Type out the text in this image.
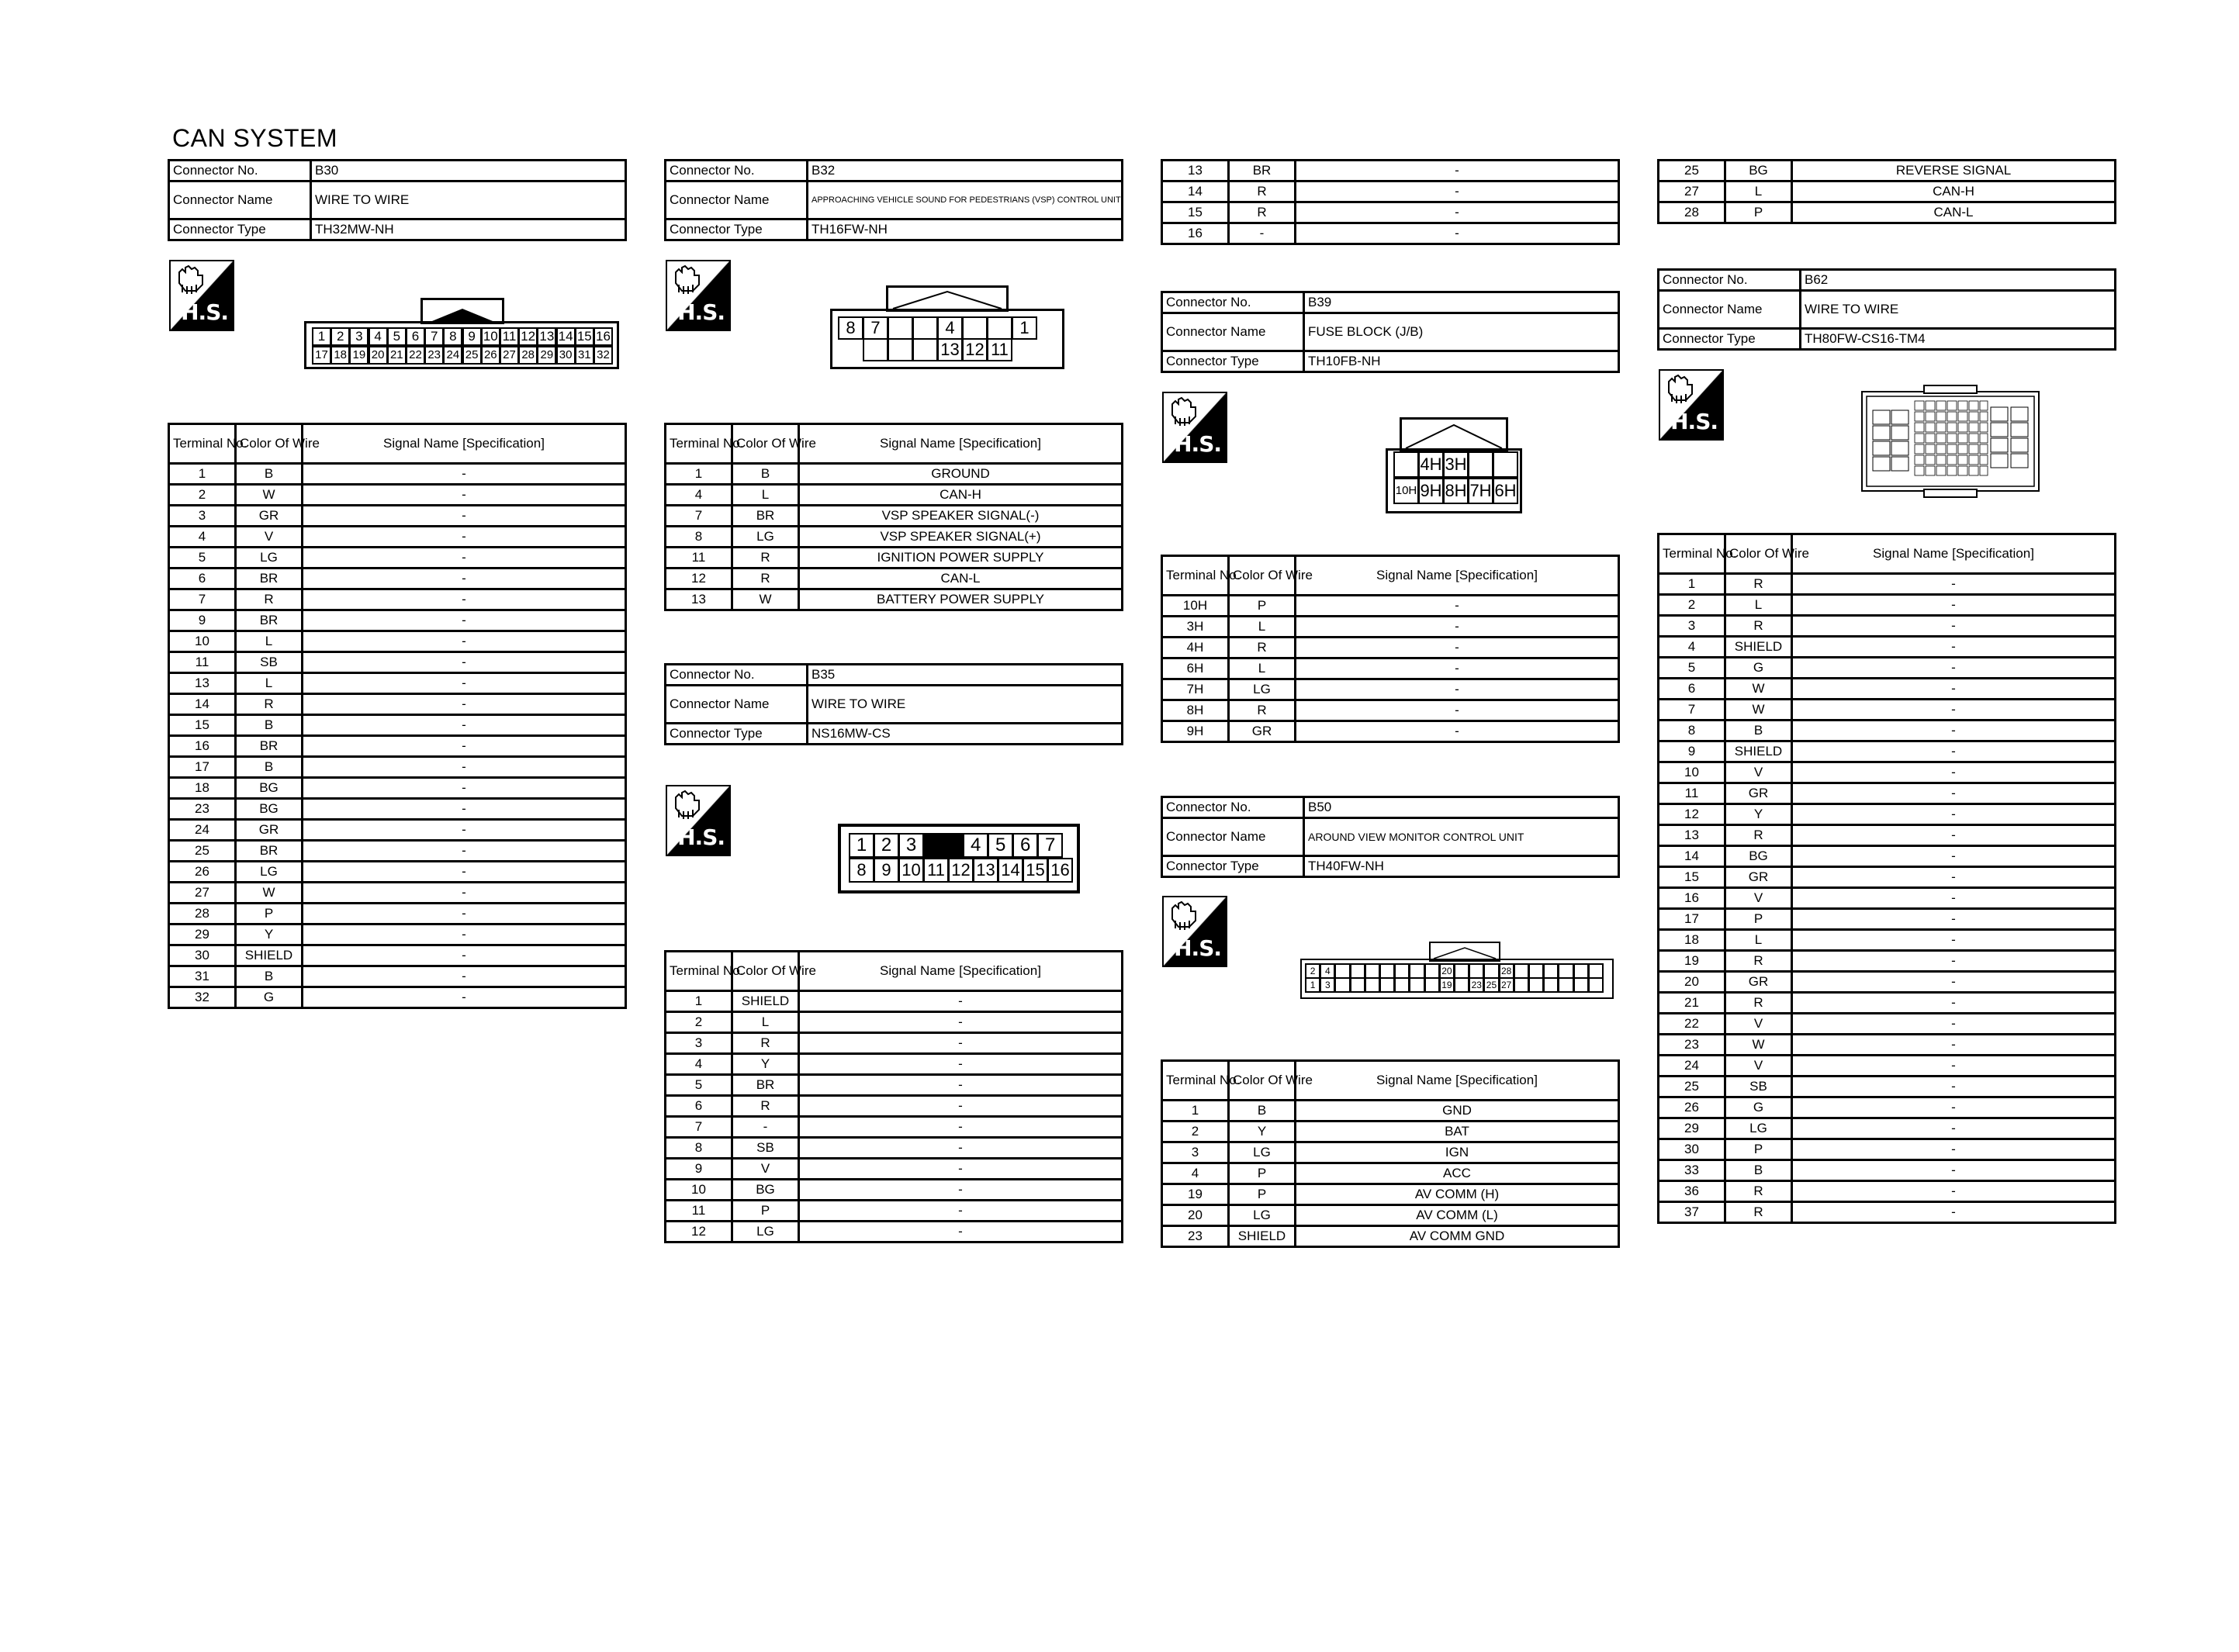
CAN SYSTEM
Connector No.	B30
Connector Name	WIRE TO WIRE
Connector Type	TH32MW-NH
H.S.
1 2 3 4 5 6 7 8 9 10 11 12 13 14 15 16
17 18 19 20 21 22 23 24 25 26 27 28 29 30 31 32
Terminal No.	Color Of Wire	Signal Name [Specification]
1	B	-
2	W	-
3	GR	-
4	V	-
5	LG	-
6	BR	-
7	R	-
9	BR	-
10	L	-
11	SB	-
13	L	-
14	R	-
15	B	-
16	BR	-
17	B	-
18	BG	-
23	BG	-
24	GR	-
25	BR	-
26	LG	-
27	W	-
28	P	-
29	Y	-
30	SHIELD	-
31	B	-
32	G	-
Connector No.	B32
Connector Name	APPROACHING VEHICLE SOUND FOR PEDESTRIANS (VSP) CONTROL UNIT
Connector Type	TH16FW-NH
H.S.
8 7	4	1
13 12 11
Terminal No.	Color Of Wire	Signal Name [Specification]
1	B	GROUND
4	L	CAN-H
7	BR	VSP SPEAKER SIGNAL(-)
8	LG	VSP SPEAKER SIGNAL(+)
11	R	IGNITION POWER SUPPLY
12	R	CAN-L
13	W	BATTERY POWER SUPPLY
Connector No.	B35
Connector Name	WIRE TO WIRE
Connector Type	NS16MW-CS
H.S.	1 2 3	4 5 6 7
8 9 10 11 12 13 14 15 16
Terminal No.	Color Of Wire	Signal Name [Specification]
1	SHIELD	-
2	L	-
3	R	-
4	Y	-
5	BR	-
6	R	-
7	-	-
8	SB	-
9	V	-
10	BG	-
11	P	-
12	LG	-
13	BR	-
14	R	-
15	R	-
16	-	-
Connector No.	B39
Connector Name	FUSE BLOCK (J/B)
Connector Type	TH10FB-NH
H.S.
4H 3H
10H 9H 8H 7H 6H
Terminal No.	Color Of Wire	Signal Name [Specification]
10H	P	-
3H	L	-
4H	R	-
6H	L	-
7H	LG	-
8H	R	-
9H	GR	-
Connector No.	B50
Connector Name	AROUND VIEW MONITOR CONTROL UNIT
Connector Type	TH40FW-NH
H.S.
2
1
4
3
20
19 23 25
28
27
Terminal No.	Color Of Wire	Signal Name [Specification]
1	B	GND
2	Y	BAT
3	LG	IGN
4	P	ACC
19	P	AV COMM (H)
20	LG	AV COMM (L)
23	SHIELD	AV COMM GND
25	BG	REVERSE SIGNAL
27	L	CAN-H
28	P	CAN-L
Connector No.	B62
Connector Name	WIRE TO WIRE
Connector Type	TH80FW-CS16-TM4
H.S.
Terminal No.	Color Of Wire	Signal Name [Specification]
1	R	-
2	L	-
3	R	-
4	SHIELD	-
5	G	-
6	W	-
7	W	-
8	B	-
9	SHIELD	-
10	V	-
11	GR	-
12	Y	-
13	R	-
14	BG	-
15	GR	-
16	V	-
17	P	-
18	L	-
19	R	-
20	GR	-
21	R	-
22	V	-
23	W	-
24	V	-
25	SB	-
26	G	-
29	LG	-
30	P	-
33	B	-
36	R	-
37	R	-
